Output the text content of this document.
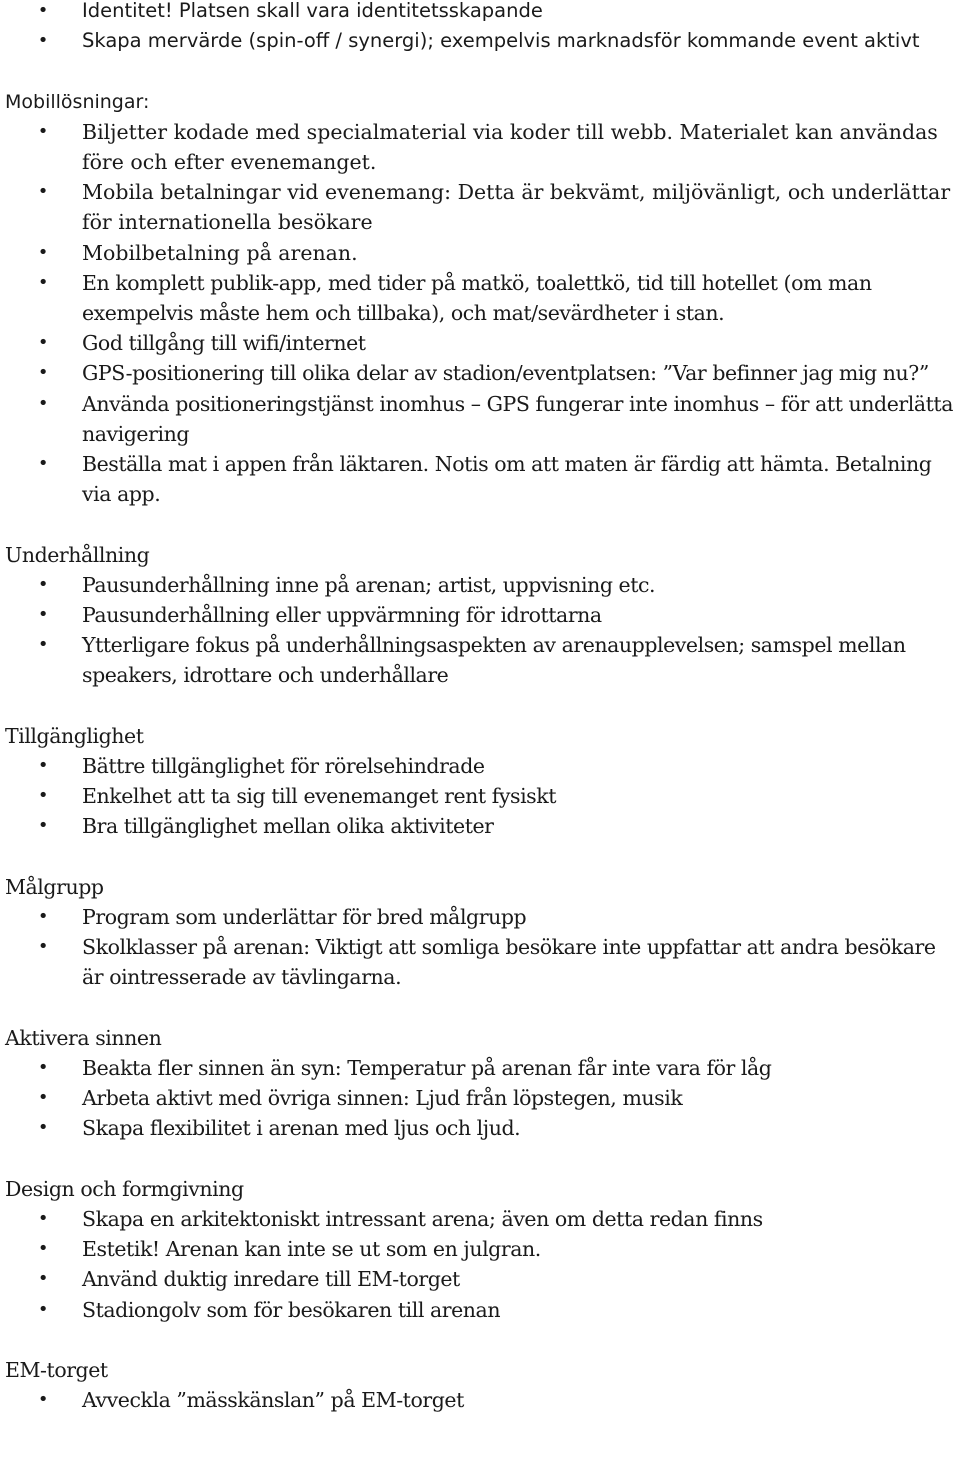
• Identitet! Platsen skall vara identitetsskapande
• Skapa mervärde (spin-off / synergi); exempelvis marknadsför kommande event aktivt

Mobillösningar:

• Biljetter kodade med specialmaterial via koder till webb. Materialet kan användas före och efter evenemanget.
• Mobila betalningar vid evenemang: Detta är bekvämt, miljövänligt, och underlättar för internationella besökare
• Mobilbetalning på arenan.
• En komplett publik-app, med tider på matkö, toalettkö, tid till hotellet (om man exempelvis måste hem och tillbaka), och mat/sevärdheter i stan.
• God tillgång till wifi/internet
• GPS-positionering till olika delar av stadion/eventplatsen: ”Var befinner jag mig nu?”
• Använda positioneringstjänst inomhus – GPS fungerar inte inomhus – för att underlätta navigering
• Beställa mat i appen från läktaren. Notis om att maten är färdig att hämta. Betalning via app.

Underhållning

• Pausunderhållning inne på arenan; artist, uppvisning etc.
• Pausunderhållning eller uppvärmning för idrottarna
• Ytterligare fokus på underhållningsaspekten av arenaupplevelsen; samspel mellan speakers, idrottare och underhållare

Tillgänglighet

• Bättre tillgänglighet för rörelsehindrade
• Enkelhet att ta sig till evenemanget rent fysiskt
• Bra tillgänglighet mellan olika aktiviteter

Målgrupp

• Program som underlättar för bred målgrupp
• Skolklasser på arenan: Viktigt att somliga besökare inte uppfattar att andra besökare är ointresserade av tävlingarna.

Aktivera sinnen

• Beakta fler sinnen än syn: Temperatur på arenan får inte vara för låg
• Arbeta aktivt med övriga sinnen: Ljud från löpstegen, musik
• Skapa flexibilitet i arenan med ljus och ljud.

Design och formgivning

• Skapa en arkitektoniskt intressant arena; även om detta redan finns
• Estetik! Arenan kan inte se ut som en julgran.
• Använd duktig inredare till EM-torget
• Stadiongolv som för besökaren till arenan

EM-torget

• Avveckla ”mässkänslan” på EM-torget
